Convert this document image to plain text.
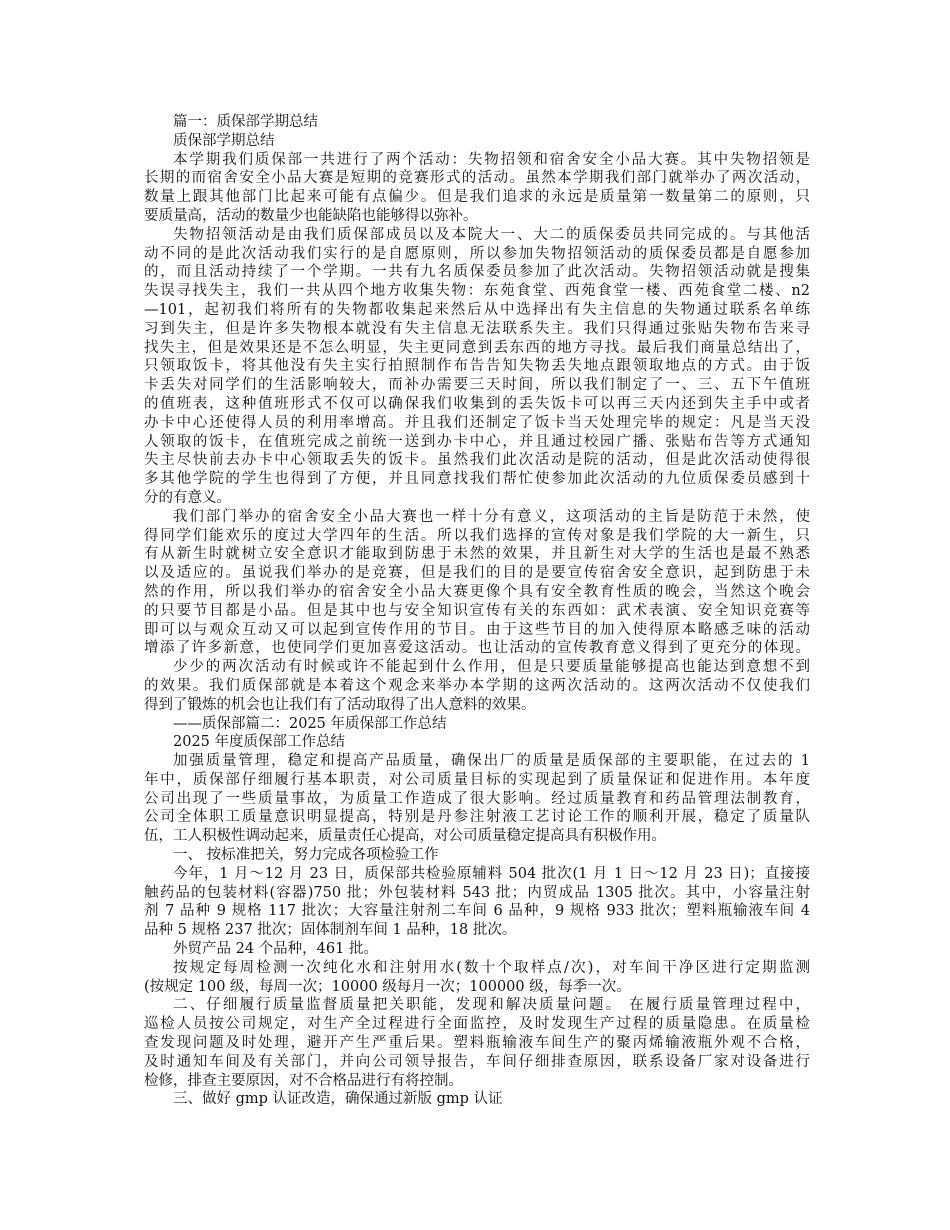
篇一：质保部学期总结
质保部学期总结
本学期我们质保部一共进行了两个活动：失物招领和宿舍安全小品大赛。其中失物招领是
长期的而宿舍安全小品大赛是短期的竞赛形式的活动。虽然本学期我们部门就举办了两次活动，
数量上跟其他部门比起来可能有点偏少。但是我们追求的永远是质量第一数量第二的原则，只
要质量高，活动的数量少也能缺陷也能够得以弥补。
失物招领活动是由我们质保部成员以及本院大一、大二的质保委员共同完成的。与其他活
动不同的是此次活动我们实行的是自愿原则，所以参加失物招领活动的质保委员都是自愿参加
的，而且活动持续了一个学期。一共有九名质保委员参加了此次活动。失物招领活动就是搜集
失误寻找失主，我们一共从四个地方收集失物：东苑食堂、西苑食堂一楼、西苑食堂二楼、n2
—101，起初我们将所有的失物都收集起来然后从中选择出有失主信息的失物通过联系名单练
习到失主，但是许多失物根本就没有失主信息无法联系失主。我们只得通过张贴失物布告来寻
找失主，但是效果还是不怎么明显，失主更同意到丢东西的地方寻找。最后我们商量总结出了，
只领取饭卡，将其他没有失主实行拍照制作布告告知失物丢失地点跟领取地点的方式。由于饭
卡丢失对同学们的生活影响较大，而补办需要三天时间，所以我们制定了一、三、五下午值班
的值班表，这种值班形式不仅可以确保我们收集到的丢失饭卡可以再三天内还到失主手中或者
办卡中心还使得人员的利用率增高。并且我们还制定了饭卡当天处理完毕的规定：凡是当天没
人领取的饭卡，在值班完成之前统一送到办卡中心，并且通过校园广播、张贴布告等方式通知
失主尽快前去办卡中心领取丢失的饭卡。虽然我们此次活动是院的活动，但是此次活动使得很
多其他学院的学生也得到了方便，并且同意找我们帮忙使参加此次活动的九位质保委员感到十
分的有意义。
我们部门举办的宿舍安全小品大赛也一样十分有意义，这项活动的主旨是防范于未然，使
得同学们能欢乐的度过大学四年的生活。所以我们选择的宣传对象是我们学院的大一新生，只
有从新生时就树立安全意识才能取到防患于未然的效果，并且新生对大学的生活也是最不熟悉
以及适应的。虽说我们举办的是竞赛，但是我们的目的是要宣传宿舍安全意识，起到防患于未
然的作用，所以我们举办的宿舍安全小品大赛更像个具有安全教育性质的晚会，当然这个晚会
的只要节目都是小品。但是其中也与安全知识宣传有关的东西如：武术表演、安全知识竞赛等
即可以与观众互动又可以起到宣传作用的节目。由于这些节目的加入使得原本略感乏味的活动
增添了许多新意，也使同学们更加喜爱这活动。也让活动的宣传教育意义得到了更充分的体现。
少少的两次活动有时候或许不能起到什么作用，但是只要质量能够提高也能达到意想不到
的效果。我们质保部就是本着这个观念来举办本学期的这两次活动的。这两次活动不仅使我们
得到了锻炼的机会也让我们有了活动取得了出人意料的效果。
——质保部篇二：2025 年质保部工作总结
2025 年度质保部工作总结
加强质量管理，稳定和提高产品质量，确保出厂的质量是质保部的主要职能，在过去的 1
年中，质保部仔细履行基本职责，对公司质量目标的实现起到了质量保证和促进作用。本年度
公司出现了一些质量事故，为质量工作造成了很大影响。经过质量教育和药品管理法制教育，
公司全体职工质量意识明显提高，特别是丹参注射液工艺讨论工作的顺利开展，稳定了质量队
伍，工人积极性调动起来，质量责任心提高，对公司质量稳定提高具有积极作用。
一、 按标准把关，努力完成各项检验工作
今年，1 月～12 月 23 日，质保部共检验原辅料 504 批次(1 月 1 日～12 月 23 日)；直接接
触药品的包装材料(容器)750 批；外包装材料 543 批；内贸成品 1305 批次。其中，小容量注射
剂 7 品种 9 规格 117 批次；大容量注射剂二车间 6 品种，9 规格 933 批次；塑料瓶输液车间 4
品种 5 规格 237 批次；固体制剂车间 1 品种，18 批次。
外贸产品 24 个品种，461 批。
按规定每周检测一次纯化水和注射用水(数十个取样点/次)，对车间干净区进行定期监测
(按规定 100 级，每周一次；10000 级每月一次；100000 级，每季一次。
二、仔细履行质量监督质量把关职能，发现和解决质量问题。 在履行质量管理过程中，
巡检人员按公司规定，对生产全过程进行全面监控，及时发现生产过程的质量隐患。在质量检
查发现问题及时处理，避开产生严重后果。塑料瓶输液车间生产的聚丙烯输液瓶外观不合格，
及时通知车间及有关部门，并向公司领导报告，车间仔细排查原因，联系设备厂家对设备进行
检修，排查主要原因，对不合格品进行有将控制。
三、做好 gmp 认证改造，确保通过新版 gmp 认证
